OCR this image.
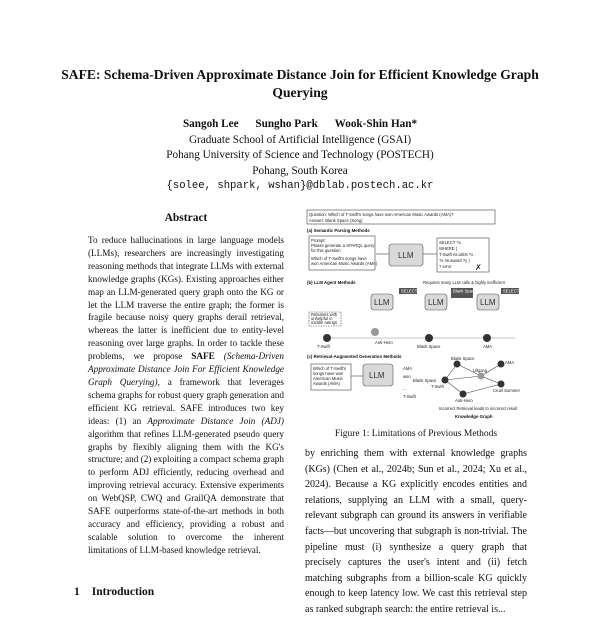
SAFE: Schema-Driven Approximate Distance Join for Efficient Knowledge Graph Querying
Sangoh Lee Sungho Park Wook-Shin Han*
Graduate School of Artificial Intelligence (GSAI)
Pohang University of Science and Technology (POSTECH)
Pohang, South Korea
{solee, shpark, wshan}@dblab.postech.ac.kr
Abstract
To reduce hallucinations in large language models (LLMs), researchers are increasingly investigating reasoning methods that integrate LLMs with external knowledge graphs (KGs). Existing approaches either map an LLM-generated query graph onto the KG or let the LLM traverse the entire graph; the former is fragile because noisy query graphs derail retrieval, whereas the latter is inefficient due to entity-level reasoning over large graphs. In order to tackle these problems, we propose SAFE (Schema-Driven Approximate Distance Join For Efficient Knowledge Graph Querying), a framework that leverages schema graphs for robust query graph generation and efficient KG retrieval. SAFE introduces two key ideas: (1) an Approximate Distance Join (ADJ) algorithm that refines LLM-generated pseudo query graphs by flexibly aligning them with the KG's structure; and (2) exploiting a compact schema graph to perform ADJ efficiently, reducing overhead and improving retrieval accuracy. Extensive experiments on WebQSP, CWQ and GrailQA demonstrate that SAFE outperforms state-of-the-art methods in both accuracy and efficiency, providing a robust and scalable solution to overcome the inherent limitations of LLM-based knowledge retrieval.
1 Introduction
Question: Which of T-Swift's songs have won American Music Awards (AMA)?
Answer: Blank Space (Song)
(a) Semantic Parsing Methods
Prompt:
Please generate a SPARQL query
for this question
Which of T-Swift's songs have
won American Music Awards (AMA)
LLM
SELECT ?x
WHERE {
T-Swift ns:artist ?x .
?x ns:award ?y }
? error	✗
(b) LLM Agent Methods	Requires many LLM calls & highly inefficient
LLM	LLM	LLM
SELECT	Blank Space?	SELECT
Relations with
unhelpful in
middle ratings
T-Swift
Anti-Hero
Blank Space	AMA
(c) Retrieval-Augmented Generation Methods
Which of T-Swift's
songs have won
American Music
Awards (AMA)
LLM
AMA
won
Blank Space
...
T-Swift
Blank Space
T-Swift
Ullgang
AMA
Cruel Summer
Anti-Hero
Incorrect Retrieval leads to incorrect result
Knowledge Graph
Figure 1: Limitations of Previous Methods
by enriching them with external knowledge graphs (KGs) (Chen et al., 2024b; Sun et al., 2024; Xu et al., 2024). Because a KG explicitly encodes entities and relations, supplying an LLM with a small, query-relevant subgraph can ground its answers in verifiable facts—but uncovering that subgraph is non-trivial. The pipeline must (i) synthesize a query graph that precisely captures the user's intent and (ii) fetch matching subgraphs from a billion-scale KG quickly enough to keep latency low. We cast this retrieval step as ranked subgraph search: the entire retrieval is...
